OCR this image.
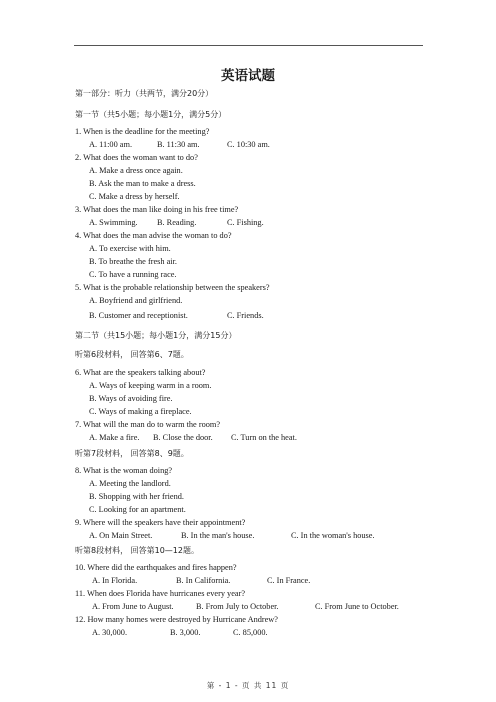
英语试题
第一部分：听力（共两节，满分20分）
第一节（共5小题；每小题1分，满分5分）
1. When is the deadline for the meeting?
A. 11:00 am.	B. 11:30 am.	C. 10:30 am.
2. What does the woman want to do?
A. Make a dress once again.
B. Ask the man to make a dress.
C. Make a dress by herself.
3. What does the man like doing in his free time?
A. Swimming. B. Reading.	C. Fishing.
4. What does the man advise the woman to do?
A. To exercise with him.
B. To breathe the fresh air.
C. To have a running race.
5. What is the probable relationship between the speakers?
A. Boyfriend and girlfriend.
B. Customer and receptionist.	C. Friends.
第二节（共15小题；每小题1分，满分15分）
听第6段材料， 回答第6、7题。
6. What are the speakers talking about?
A. Ways of keeping warm in a room.
B. Ways of avoiding fire.
C. Ways of making a fireplace.
7. What will the man do to warm the room?
A. Make a fire. B. Close the door. C. Turn on the heat.
听第7段材料， 回答第8、9题。
8. What is the woman doing?
A. Meeting the landlord.
B. Shopping with her friend.
C. Looking for an apartment.
9. Where will the speakers have their appointment?
A. On Main Street.	B. In the man's house.	C. In the woman's house.
听第8段材料， 回答第10—12题。
10. Where did the earthquakes and fires happen?
A. In Florida.	B. In California.	C. In France.
11. When does Florida have hurricanes every year?
A. From June to August.	B. From July to October.	C. From June to October.
12. How many homes were destroyed by Hurricane Andrew?
A. 30,000.	B. 3,000.	C. 85,000.
第 - 1 - 页 共 11 页
